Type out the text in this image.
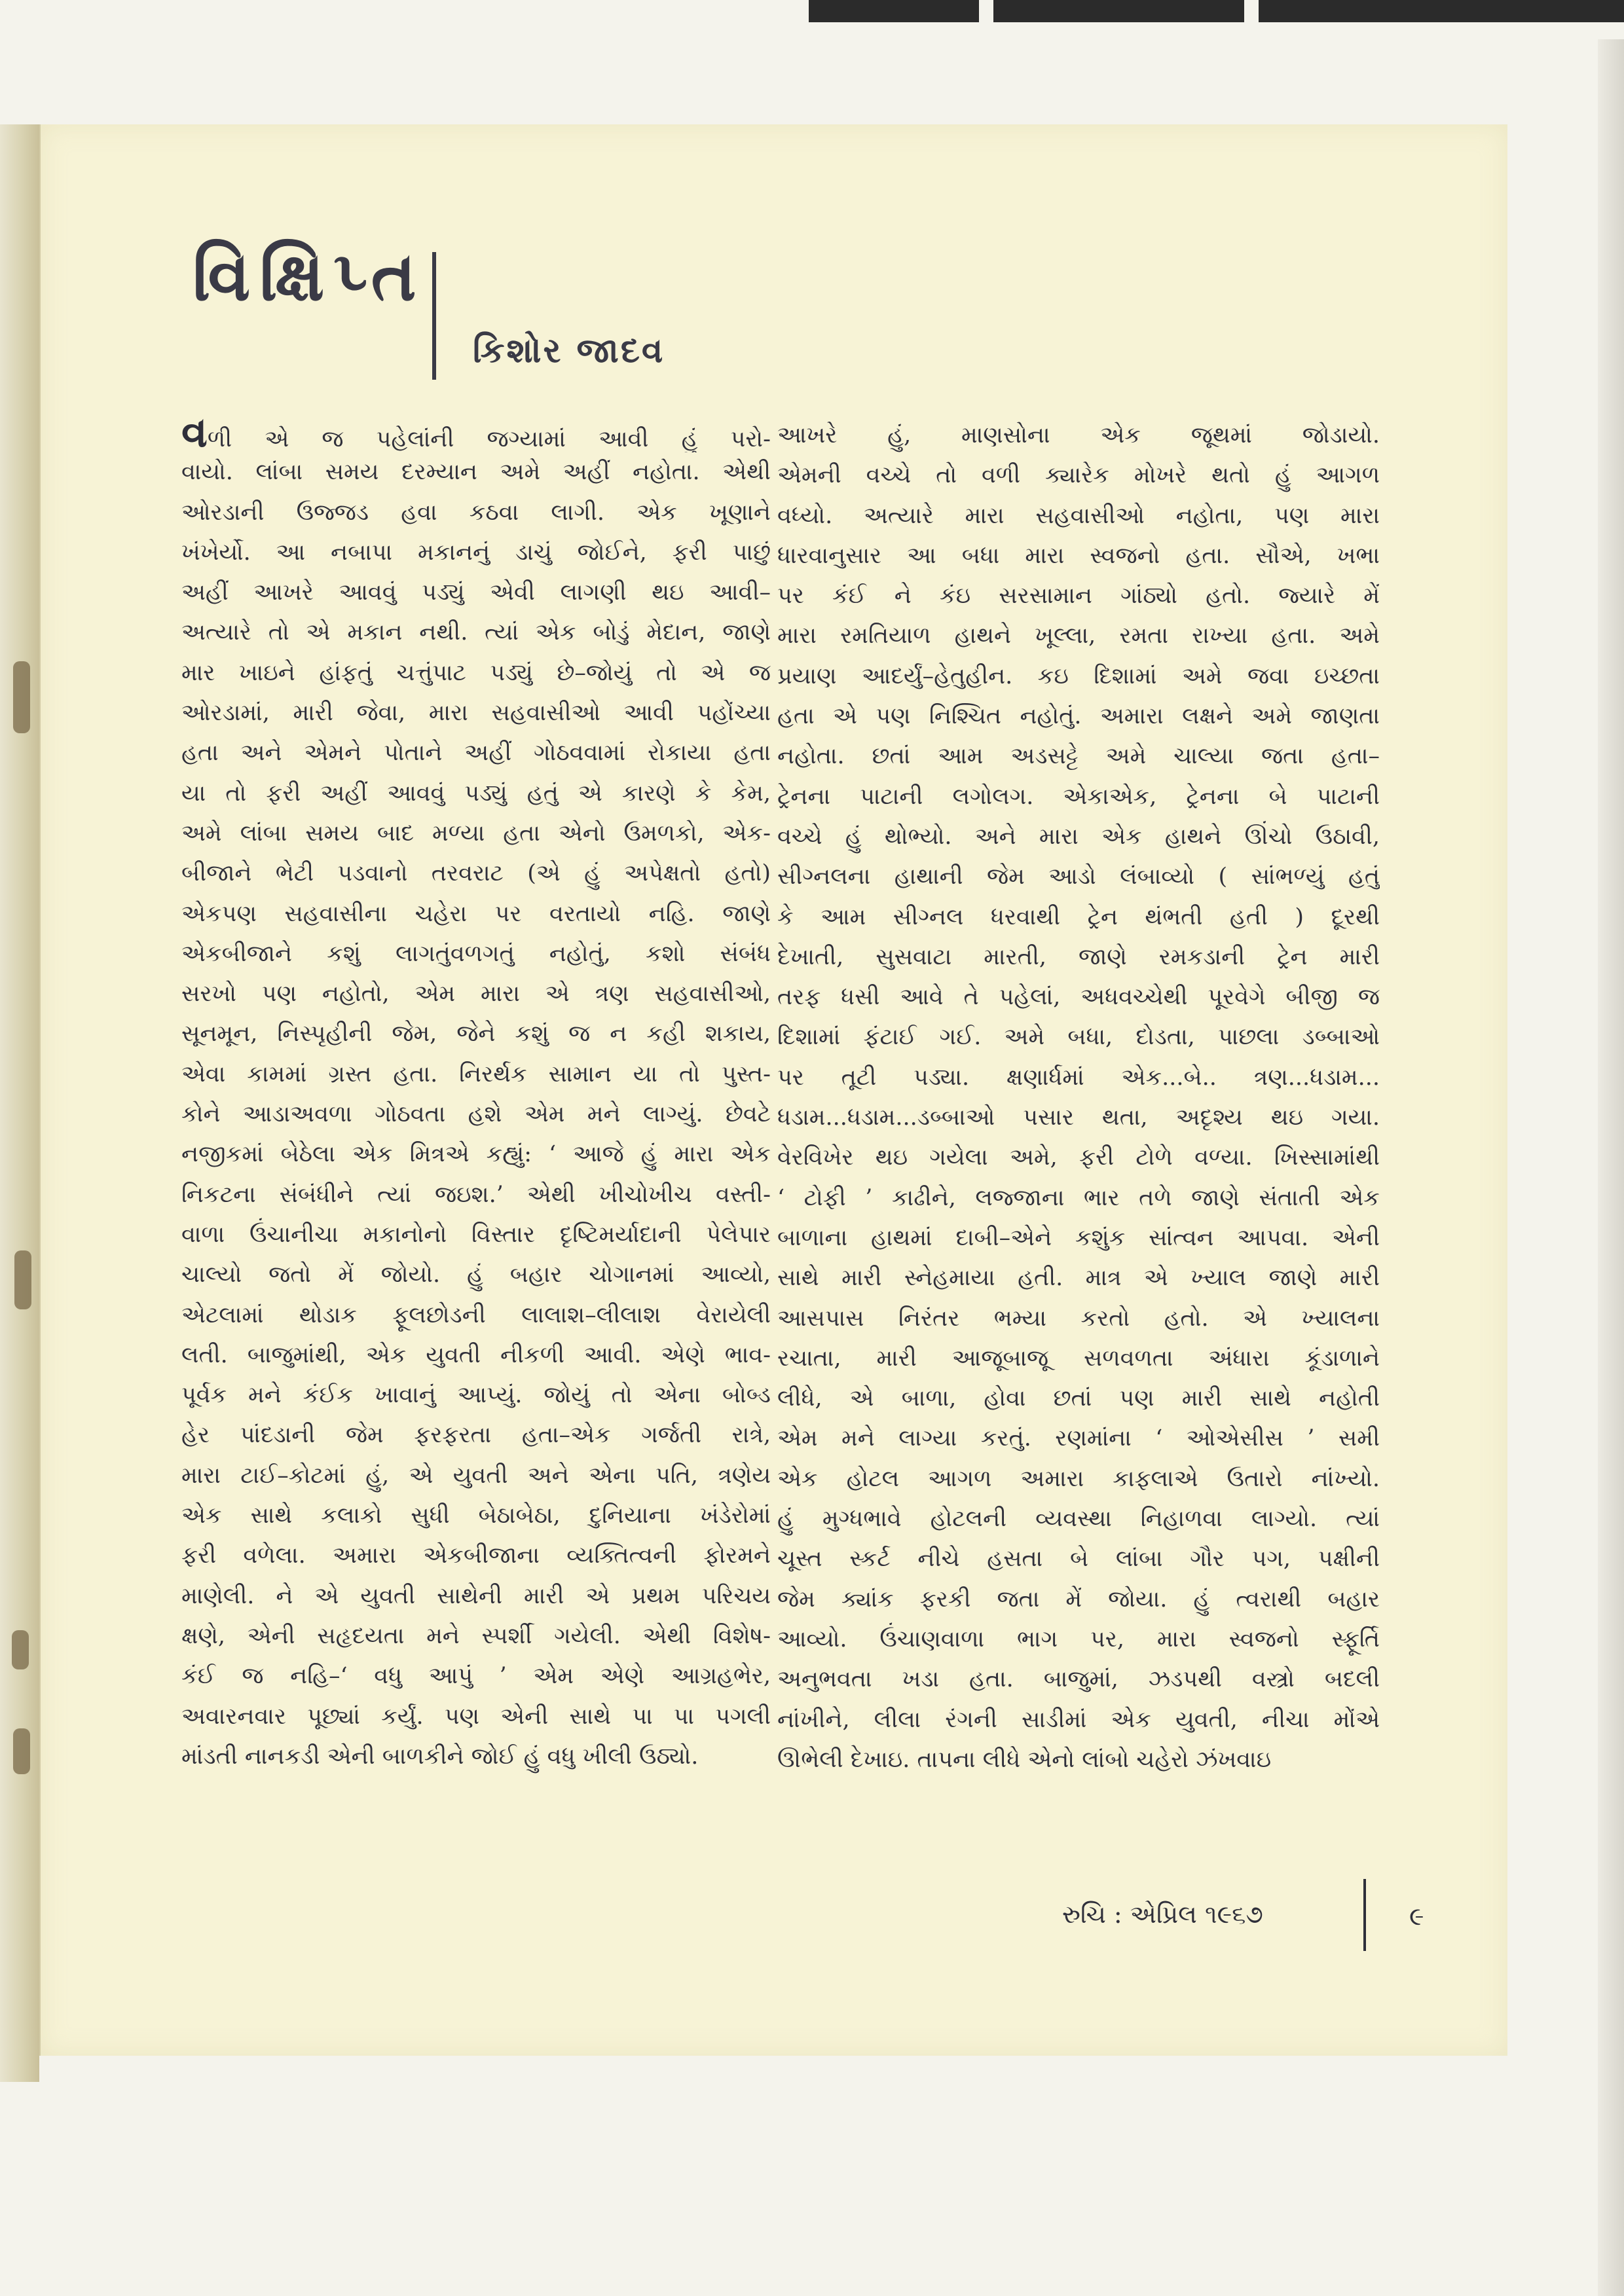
વિક્ષિપ્ત
કિશોર જાદવ
વળી એ જ પહેલાંની જગ્યામાં આવી હું પરો-
વાયો. લાંબા સમય દરમ્યાન અમે અહીં નહોતા. એથી
ઓરડાની ઉજ્જડ હવા કઠવા લાગી. એક ખૂણાને
ખંખેર્યો. આ નબાપા મકાનનું ડાચું જોઈને, ફરી પાછું
અહીં આખરે આવવું પડ્યું એવી લાગણી થઇ આવી–
અત્યારે તો એ મકાન નથી. ત્યાં એક બોડું મેદાન, જાણે
માર ખાઇને હાંફતું ચત્તુંપાટ પડ્યું છે–જોયું તો એ જ
ઓરડામાં, મારી જેવા, મારા સહવાસીઓ આવી પહોંચ્યા
હતા અને એમને પોતાને અહીં ગોઠવવામાં રોકાયા હતા
યા તો ફરી અહીં આવવું પડ્યું હતું એ કારણે કે કેમ,
અમે લાંબા સમય બાદ મળ્યા હતા એનો ઉમળકો, એક-
બીજાને ભેટી પડવાનો તરવરાટ (એ હું અપેક્ષતો હતો)
એકપણ સહવાસીના ચહેરા પર વરતાયો નહિ. જાણે
એકબીજાને કશું લાગતુંવળગતું નહોતું, કશો સંબંધ
સરખો પણ નહોતો, એમ મારા એ ત્રણ સહવાસીઓ,
સૂનમૂન, નિસ્પૃહીની જેમ, જેને કશું જ ન કહી શકાય,
એવા કામમાં ગ્રસ્ત હતા. નિરર્થક સામાન યા તો પુસ્ત-
કોને આડાઅવળા ગોઠવતા હશે એમ મને લાગ્યું. છેવટે
નજીકમાં બેઠેલા એક મિત્રએ કહ્યું: ‘ આજે હું મારા એક
નિકટના સંબંધીને ત્યાં જઇશ.’ એથી ખીચોખીચ વસ્તી-
વાળા ઉંચાનીચા મકાનોનો વિસ્તાર દૃષ્ટિમર્યાદાની પેલેપાર
ચાલ્યો જતો મેં જોયો. હું બહાર ચોગાનમાં આવ્યો,
એટલામાં થોડાક ફૂલછોડની લાલાશ–લીલાશ વેરાયેલી
લતી. બાજુમાંથી, એક યુવતી નીકળી આવી. એણે ભાવ-
પૂર્વક મને કંઈક ખાવાનું આપ્યું. જોયું તો એના બોબ્ડ
હેર પાંદડાની જેમ ફરફરતા હતા–એક ગર્જતી રાત્રે,
મારા ટાઈ–કોટમાં હું, એ યુવતી અને એના પતિ, ત્રણેય
એક સાથે કલાકો સુધી બેઠાબેઠા, દુનિયાના ખંડેરોમાં
ફરી વળેલા. અમારા એકબીજાના વ્યક્તિત્વની ફોરમને
માણેલી. ને એ યુવતી સાથેની મારી એ પ્રથમ પરિચય
ક્ષણે, એની સહૃદયતા મને સ્પર્શી ગયેલી. એથી વિશેષ-
કંઈ જ નહિ–‘ વધુ આપું ’ એમ એણે આગ્રહભેર,
અવારનવાર પૂછ્યાં કર્યું. પણ એની સાથે પા પા પગલી
માંડતી નાનકડી એની બાળકીને જોઈ હું વધુ ખીલી ઉઠ્યો.
આખરે હું, માણસોના એક જૂથમાં જોડાયો.
એમની વચ્ચે તો વળી ક્યારેક મોખરે થતો હું આગળ
વધ્યો. અત્યારે મારા સહવાસીઓ નહોતા, પણ મારા
ધારવાનુસાર આ બધા મારા સ્વજનો હતા. સૌએ, ખભા
પર કંઈ ને કંઇ સરસામાન ગાંઠ્યો હતો. જ્યારે મેં
મારા રમતિયાળ હાથને ખૂલ્લા, રમતા રાખ્યા હતા. અમે
પ્રયાણ આદર્યું–હેતુહીન. કઇ દિશામાં અમે જવા ઇચ્છતા
હતા એ પણ નિશ્ચિત નહોતું. અમારા લક્ષને અમે જાણતા
નહોતા. છતાં આમ અડસટ્ટે અમે ચાલ્યા જતા હતા–
ટ્રેનના પાટાની લગોલગ. એકાએક, ટ્રેનના બે પાટાની
વચ્ચે હું થોભ્યો. અને મારા એક હાથને ઊંચો ઉઠાવી,
સીગ્નલના હાથાની જેમ આડો લંબાવ્યો ( સાંભળ્યું હતું
કે આમ સીગ્નલ ધરવાથી ટ્રેન થંભતી હતી ) દૂરથી
દેખાતી, સુસવાટા મારતી, જાણે રમકડાની ટ્રેન મારી
તરફ ધસી આવે તે પહેલાં, અધવચ્ચેથી પૂરવેગે બીજી જ
દિશામાં ફંટાઈ ગઈ. અમે બધા, દોડતા, પાછલા ડબ્બાઓ
પર તૂટી પડ્યા. ક્ષણાર્ધમાં એક...બે.. ત્રણ...ધડામ...
ધડામ...ધડામ...ડબ્બાઓ પસાર થતા, અદૃશ્ય થઇ ગયા.
વેરવિખેર થઇ ગયેલા અમે, ફરી ટોળે વળ્યા. ખિસ્સામાંથી
‘ ટોફી ’ કાઢીને, લજ્જાના ભાર તળે જાણે સંતાતી એક
બાળાના હાથમાં દાબી–એને કશુંક સાંત્વન આપવા. એની
સાથે મારી સ્નેહમાયા હતી. માત્ર એ ખ્યાલ જાણે મારી
આસપાસ નિરંતર ભમ્યા કરતો હતો. એ ખ્યાલના
રચાતા, મારી આજૂબાજૂ સળવળતા અંધારા કૂંડાળાને
લીધે, એ બાળા, હોવા છતાં પણ મારી સાથે નહોતી
એમ મને લાગ્યા કરતું. રણમાંના ‘ ઓએસીસ ’ સમી
એક હોટલ આગળ અમારા કાફલાએ ઉતારો નાંખ્યો.
હું મુગ્ધભાવે હોટલની વ્યવસ્થા નિહાળવા લાગ્યો. ત્યાં
ચૂસ્ત સ્કર્ટ નીચે હસતા બે લાંબા ગૌર પગ, પક્ષીની
જેમ ક્યાંક ફરકી જતા મેં જોયા. હું ત્વરાથી બહાર
આવ્યો. ઉંચાણવાળા ભાગ પર, મારા સ્વજનો સ્ફૂર્તિ
અનુભવતા ખડા હતા. બાજુમાં, ઝડપથી વસ્ત્રો બદલી
નાંખીને, લીલા રંગની સાડીમાં એક યુવતી, નીચા મોંએ
ઊભેલી દેખાઇ. તાપના લીધે એનો લાંબો ચહેરો ઝંખવાઇ

રુચિ : એપ્રિલ ૧૯૬૭	૯
